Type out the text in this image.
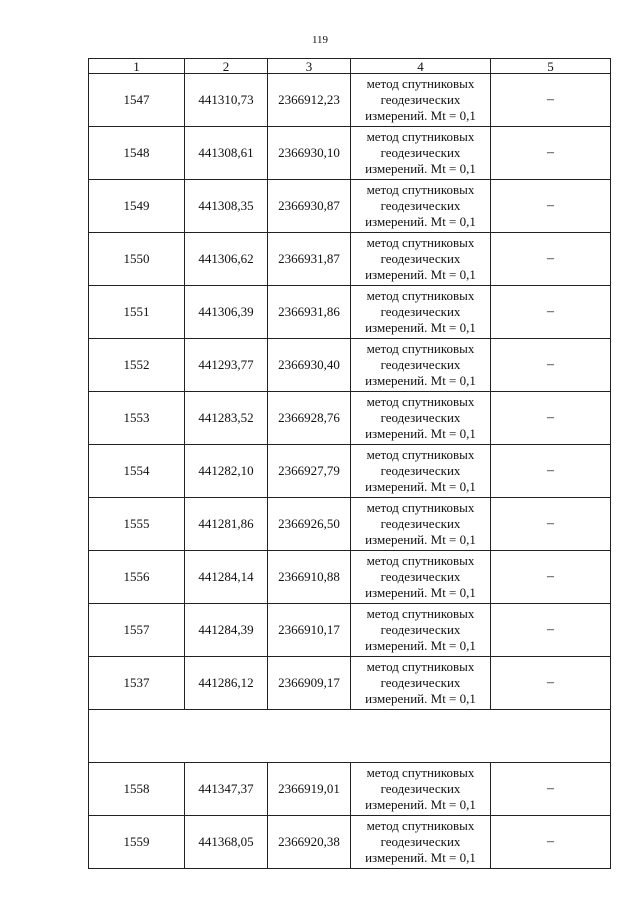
119
1	2	3	4	5
1547	441310,73	2366912,23	метод спутниковых
геодезических
измерений. Mt = 0,1	–
1548	441308,61	2366930,10	метод спутниковых
геодезических
измерений. Mt = 0,1	–
1549	441308,35	2366930,87	метод спутниковых
геодезических
измерений. Mt = 0,1	–
1550	441306,62	2366931,87	метод спутниковых
геодезических
измерений. Mt = 0,1	–
1551	441306,39	2366931,86	метод спутниковых
геодезических
измерений. Mt = 0,1	–
1552	441293,77	2366930,40	метод спутниковых
геодезических
измерений. Mt = 0,1	–
1553	441283,52	2366928,76	метод спутниковых
геодезических
измерений. Mt = 0,1	–
1554	441282,10	2366927,79	метод спутниковых
геодезических
измерений. Mt = 0,1	–
1555	441281,86	2366926,50	метод спутниковых
геодезических
измерений. Mt = 0,1	–
1556	441284,14	2366910,88	метод спутниковых
геодезических
измерений. Mt = 0,1	–
1557	441284,39	2366910,17	метод спутниковых
геодезических
измерений. Mt = 0,1	–
1537	441286,12	2366909,17	метод спутниковых
геодезических
измерений. Mt = 0,1	–

1558	441347,37	2366919,01	метод спутниковых
геодезических
измерений. Mt = 0,1	–
1559	441368,05	2366920,38	метод спутниковых
геодезических
измерений. Mt = 0,1	–
